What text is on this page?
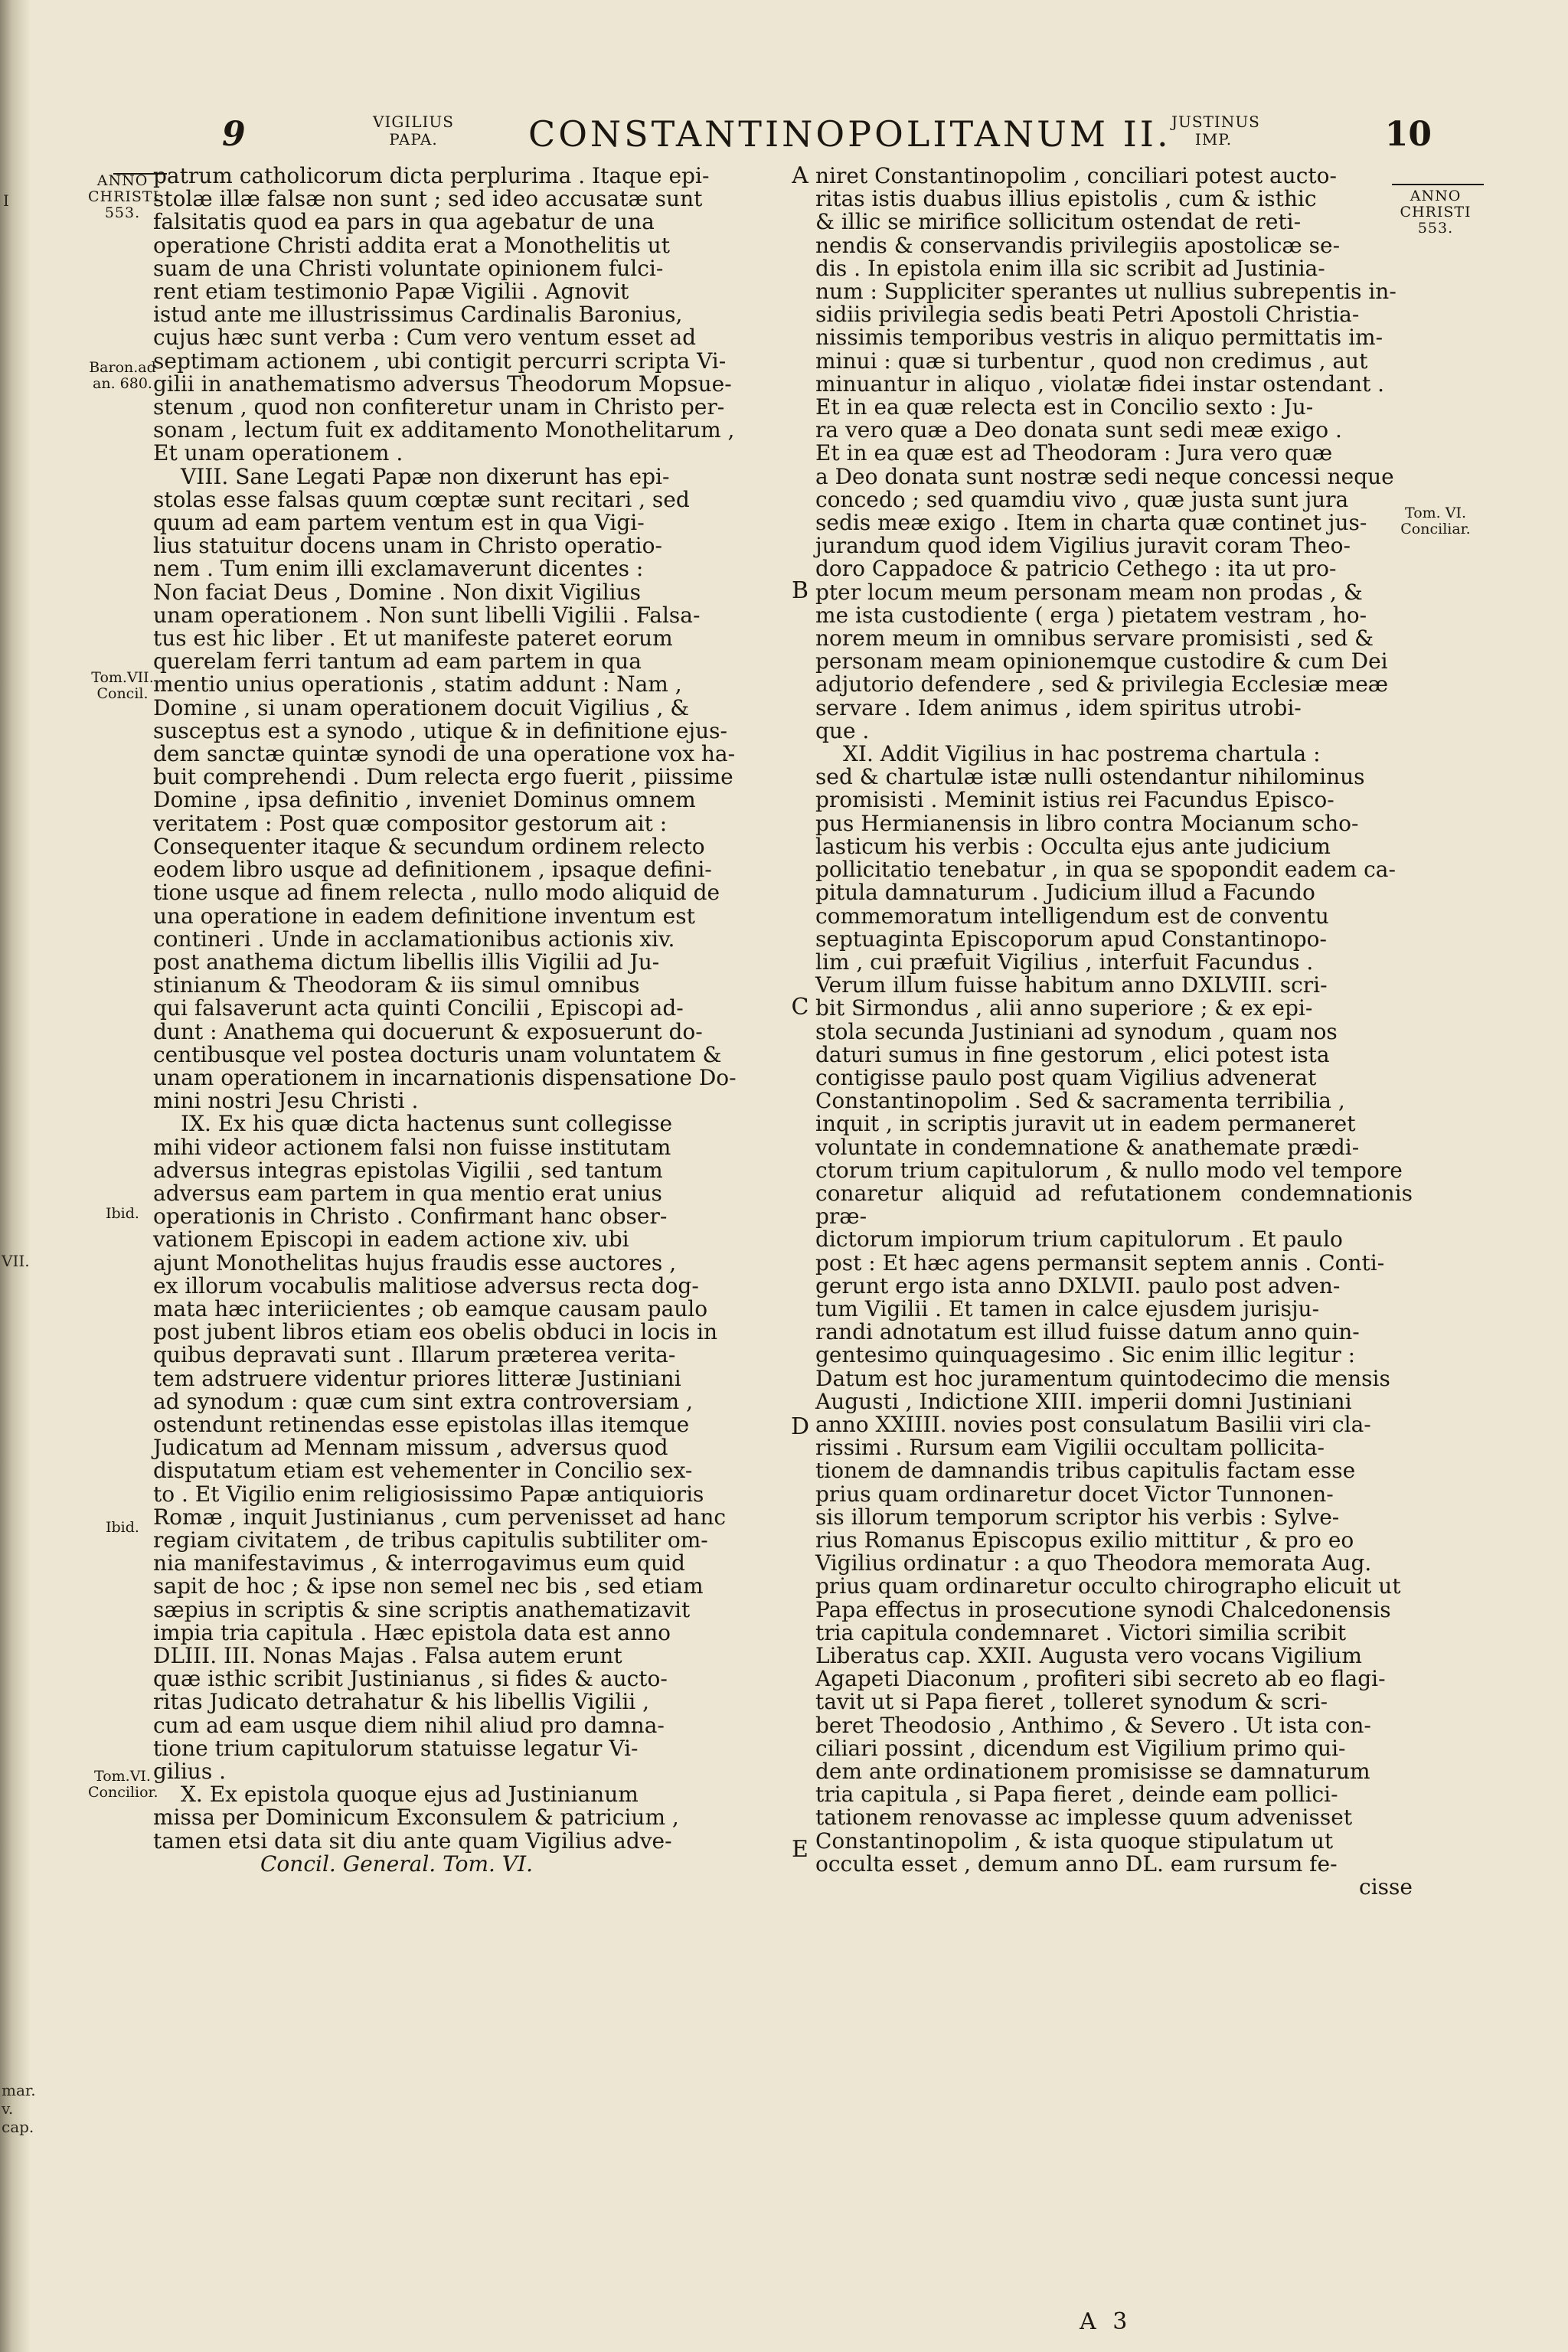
I
VII.
mar.
v.
cap.
9	VIGILIUS PAPA.	CONSTANTINOPOLITANUM II. JUSTINUS IMP.	10
ANNO CHRISTI 553.
Baron.ad an. 680.
Tom.VII. Concil.
Ibid.
Ibid.
Tom.VI. Concilior.
ANNO CHRISTI 553.
Tom. VI. Conciliar.
A
B
C
D
E

patrum catholicorum dicta perplurima . Itaque epi-

stolæ illæ falsæ non sunt ; sed ideo accusatæ sunt

falsitatis quod ea pars in qua agebatur de una

operatione Christi addita erat a Monothelitis ut

suam de una Christi voluntate opinionem fulci-

rent etiam testimonio Papæ Vigilii . Agnovit

istud ante me illustrissimus Cardinalis Baronius,

cujus hæc sunt verba : Cum vero ventum esset ad

septimam actionem , ubi contigit percurri scripta Vi-

gilii in anathematismo adversus Theodorum Mopsue-

stenum , quod non confiteretur unam in Christo per-

sonam , lectum fuit ex additamento Monothelitarum ,

Et unam operationem .

VIII. Sane Legati Papæ non dixerunt has epi-

stolas esse falsas quum cœptæ sunt recitari , sed

quum ad eam partem ventum est in qua Vigi-

lius statuitur docens unam in Christo operatio-

nem . Tum enim illi exclamaverunt dicentes :

Non faciat Deus , Domine . Non dixit Vigilius

unam operationem . Non sunt libelli Vigilii . Falsa-

tus est hic liber . Et ut manifeste pateret eorum

querelam ferri tantum ad eam partem in qua

mentio unius operationis , statim addunt : Nam ,

Domine , si unam operationem docuit Vigilius , &

susceptus est a synodo , utique & in definitione ejus-

dem sanctæ quintæ synodi de una operatione vox ha-

buit comprehendi . Dum relecta ergo fuerit , piissime

Domine , ipsa definitio , inveniet Dominus omnem

veritatem : Post quæ compositor gestorum ait :

Consequenter itaque & secundum ordinem relecto

eodem libro usque ad definitionem , ipsaque defini-

tione usque ad finem relecta , nullo modo aliquid de

una operatione in eadem definitione inventum est

contineri . Unde in acclamationibus actionis xiv.

post anathema dictum libellis illis Vigilii ad Ju-

stinianum & Theodoram & iis simul omnibus

qui falsaverunt acta quinti Concilii , Episcopi ad-

dunt : Anathema qui docuerunt & exposuerunt do-

centibusque vel postea docturis unam voluntatem &

unam operationem in incarnationis dispensatione Do-

mini nostri Jesu Christi .

IX. Ex his quæ dicta hactenus sunt collegisse

mihi videor actionem falsi non fuisse institutam

adversus integras epistolas Vigilii , sed tantum

adversus eam partem in qua mentio erat unius

operationis in Christo . Confirmant hanc obser-

vationem Episcopi in eadem actione xiv. ubi

ajunt Monothelitas hujus fraudis esse auctores ,

ex illorum vocabulis malitiose adversus recta dog-

mata hæc interiicientes ; ob eamque causam paulo

post jubent libros etiam eos obelis obduci in locis in

quibus depravati sunt . Illarum præterea verita-

tem adstruere videntur priores litteræ Justiniani

ad synodum : quæ cum sint extra controversiam ,

ostendunt retinendas esse epistolas illas itemque

Judicatum ad Mennam missum , adversus quod

disputatum etiam est vehementer in Concilio sex-

to . Et Vigilio enim religiosissimo Papæ antiquioris

Romæ , inquit Justinianus , cum pervenisset ad hanc

regiam civitatem , de tribus capitulis subtiliter om-

nia manifestavimus , & interrogavimus eum quid

sapit de hoc ; & ipse non semel nec bis , sed etiam

sæpius in scriptis & sine scriptis anathematizavit

impia tria capitula . Hæc epistola data est anno

DLIII. III. Nonas Majas . Falsa autem erunt

quæ isthic scribit Justinianus , si fides & aucto-

ritas Judicato detrahatur & his libellis Vigilii ,

cum ad eam usque diem nihil aliud pro damna-

tione trium capitulorum statuisse legatur Vi-

gilius .

X. Ex epistola quoque ejus ad Justinianum

missa per Dominicum Exconsulem & patricium ,

tamen etsi data sit diu ante quam Vigilius adve-

Concil. General. Tom. VI.

niret Constantinopolim , conciliari potest aucto-

ritas istis duabus illius epistolis , cum & isthic

& illic se mirifice sollicitum ostendat de reti-

nendis & conservandis privilegiis apostolicæ se-

dis . In epistola enim illa sic scribit ad Justinia-

num : Suppliciter sperantes ut nullius subrepentis in-

sidiis privilegia sedis beati Petri Apostoli Christia-

nissimis temporibus vestris in aliquo permittatis im-

minui : quæ si turbentur , quod non credimus , aut

minuantur in aliquo , violatæ fidei instar ostendant .

Et in ea quæ relecta est in Concilio sexto : Ju-

ra vero quæ a Deo donata sunt sedi meæ exigo .

Et in ea quæ est ad Theodoram : Jura vero quæ

a Deo donata sunt nostræ sedi neque concessi neque

concedo ; sed quamdiu vivo , quæ justa sunt jura

sedis meæ exigo . Item in charta quæ continet jus-

jurandum quod idem Vigilius juravit coram Theo-

doro Cappadoce & patricio Cethego : ita ut pro-

pter locum meum personam meam non prodas , &

me ista custodiente ( erga ) pietatem vestram , ho-

norem meum in omnibus servare promisisti , sed &

personam meam opinionemque custodire & cum Dei

adjutorio defendere , sed & privilegia Ecclesiæ meæ

servare . Idem animus , idem spiritus utrobi-

que .

XI. Addit Vigilius in hac postrema chartula :

sed & chartulæ istæ nulli ostendantur nihilominus

promisisti . Meminit istius rei Facundus Episco-

pus Hermianensis in libro contra Mocianum scho-

lasticum his verbis : Occulta ejus ante judicium

pollicitatio tenebatur , in qua se spopondit eadem ca-

pitula damnaturum . Judicium illud a Facundo

commemoratum intelligendum est de conventu

septuaginta Episcoporum apud Constantinopo-

lim , cui præfuit Vigilius , interfuit Facundus .

Verum illum fuisse habitum anno DXLVIII. scri-

bit Sirmondus , alii anno superiore ; & ex epi-

stola secunda Justiniani ad synodum , quam nos

daturi sumus in fine gestorum , elici potest ista

contigisse paulo post quam Vigilius advenerat

Constantinopolim . Sed & sacramenta terribilia ,

inquit , in scriptis juravit ut in eadem permaneret

voluntate in condemnatione & anathemate prædi-

ctorum trium capitulorum , & nullo modo vel tempore

conaretur aliquid ad refutationem condemnationis præ-

dictorum impiorum trium capitulorum . Et paulo

post : Et hæc agens permansit septem annis . Conti-

gerunt ergo ista anno DXLVII. paulo post adven-

tum Vigilii . Et tamen in calce ejusdem jurisju-

randi adnotatum est illud fuisse datum anno quin-

gentesimo quinquagesimo . Sic enim illic legitur :

Datum est hoc juramentum quintodecimo die mensis

Augusti , Indictione XIII. imperii domni Justiniani

anno XXIIII. novies post consulatum Basilii viri cla-

rissimi . Rursum eam Vigilii occultam pollicita-

tionem de damnandis tribus capitulis factam esse

prius quam ordinaretur docet Victor Tunnonen-

sis illorum temporum scriptor his verbis : Sylve-

rius Romanus Episcopus exilio mittitur , & pro eo

Vigilius ordinatur : a quo Theodora memorata Aug.

prius quam ordinaretur occulto chirographo elicuit ut

Papa effectus in prosecutione synodi Chalcedonensis

tria capitula condemnaret . Victori similia scribit

Liberatus cap. XXII. Augusta vero vocans Vigilium

Agapeti Diaconum , profiteri sibi secreto ab eo flagi-

tavit ut si Papa fieret , tolleret synodum & scri-

beret Theodosio , Anthimo , & Severo . Ut ista con-

ciliari possint , dicendum est Vigilium primo qui-

dem ante ordinationem promisisse se damnaturum

tria capitula , si Papa fieret , deinde eam pollici-

tationem renovasse ac implesse quum advenisset

Constantinopolim , & ista quoque stipulatum ut

occulta esset , demum anno DL. eam rursum fe-

cisse

A 3
